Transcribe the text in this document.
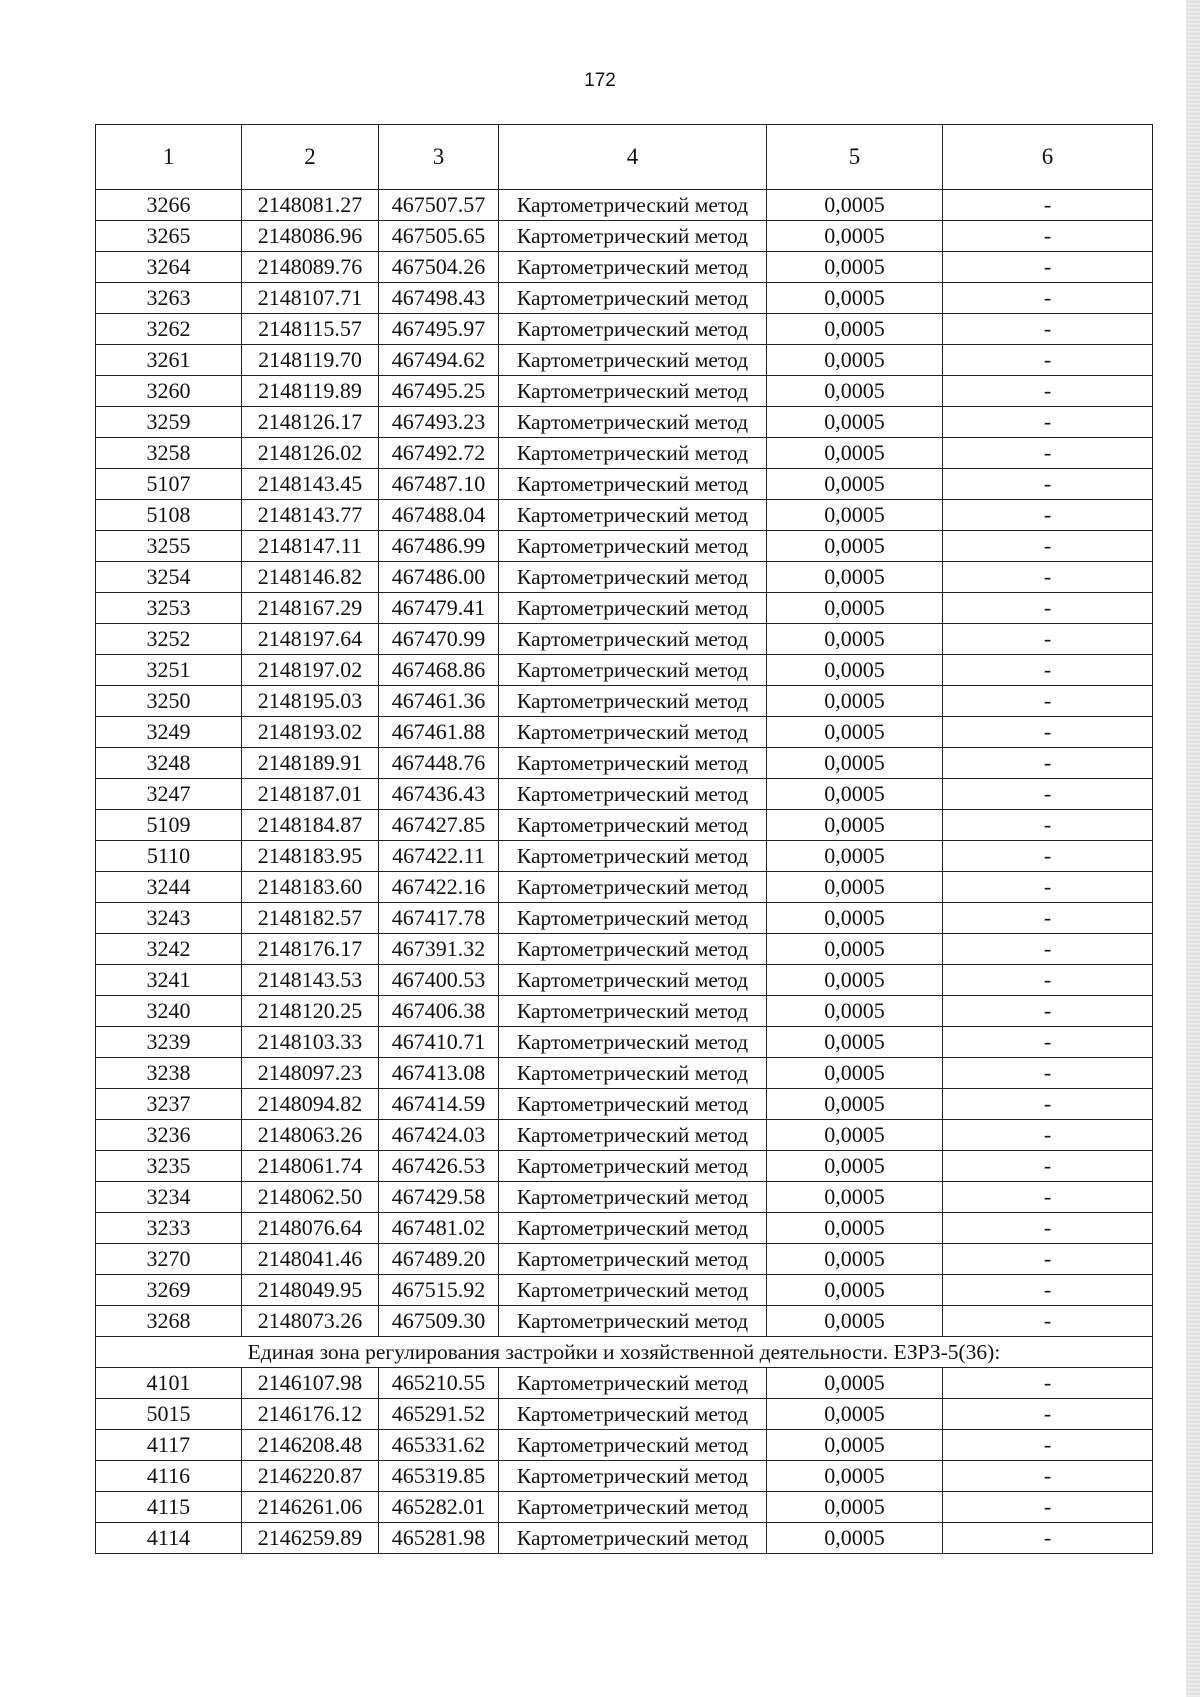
172
1	2	3	4	5	6
3266	2148081.27	467507.57	Картометрический метод	0,0005	-
3265	2148086.96	467505.65	Картометрический метод	0,0005	-
3264	2148089.76	467504.26	Картометрический метод	0,0005	-
3263	2148107.71	467498.43	Картометрический метод	0,0005	-
3262	2148115.57	467495.97	Картометрический метод	0,0005	-
3261	2148119.70	467494.62	Картометрический метод	0,0005	-
3260	2148119.89	467495.25	Картометрический метод	0,0005	-
3259	2148126.17	467493.23	Картометрический метод	0,0005	-
3258	2148126.02	467492.72	Картометрический метод	0,0005	-
5107	2148143.45	467487.10	Картометрический метод	0,0005	-
5108	2148143.77	467488.04	Картометрический метод	0,0005	-
3255	2148147.11	467486.99	Картометрический метод	0,0005	-
3254	2148146.82	467486.00	Картометрический метод	0,0005	-
3253	2148167.29	467479.41	Картометрический метод	0,0005	-
3252	2148197.64	467470.99	Картометрический метод	0,0005	-
3251	2148197.02	467468.86	Картометрический метод	0,0005	-
3250	2148195.03	467461.36	Картометрический метод	0,0005	-
3249	2148193.02	467461.88	Картометрический метод	0,0005	-
3248	2148189.91	467448.76	Картометрический метод	0,0005	-
3247	2148187.01	467436.43	Картометрический метод	0,0005	-
5109	2148184.87	467427.85	Картометрический метод	0,0005	-
5110	2148183.95	467422.11	Картометрический метод	0,0005	-
3244	2148183.60	467422.16	Картометрический метод	0,0005	-
3243	2148182.57	467417.78	Картометрический метод	0,0005	-
3242	2148176.17	467391.32	Картометрический метод	0,0005	-
3241	2148143.53	467400.53	Картометрический метод	0,0005	-
3240	2148120.25	467406.38	Картометрический метод	0,0005	-
3239	2148103.33	467410.71	Картометрический метод	0,0005	-
3238	2148097.23	467413.08	Картометрический метод	0,0005	-
3237	2148094.82	467414.59	Картометрический метод	0,0005	-
3236	2148063.26	467424.03	Картометрический метод	0,0005	-
3235	2148061.74	467426.53	Картометрический метод	0,0005	-
3234	2148062.50	467429.58	Картометрический метод	0,0005	-
3233	2148076.64	467481.02	Картометрический метод	0,0005	-
3270	2148041.46	467489.20	Картометрический метод	0,0005	-
3269	2148049.95	467515.92	Картометрический метод	0,0005	-
3268	2148073.26	467509.30	Картометрический метод	0,0005	-
Единая зона регулирования застройки и хозяйственной деятельности. ЕЗРЗ-5(36):					
4101	2146107.98	465210.55	Картометрический метод	0,0005	-
5015	2146176.12	465291.52	Картометрический метод	0,0005	-
4117	2146208.48	465331.62	Картометрический метод	0,0005	-
4116	2146220.87	465319.85	Картометрический метод	0,0005	-
4115	2146261.06	465282.01	Картометрический метод	0,0005	-
4114	2146259.89	465281.98	Картометрический метод	0,0005	-
